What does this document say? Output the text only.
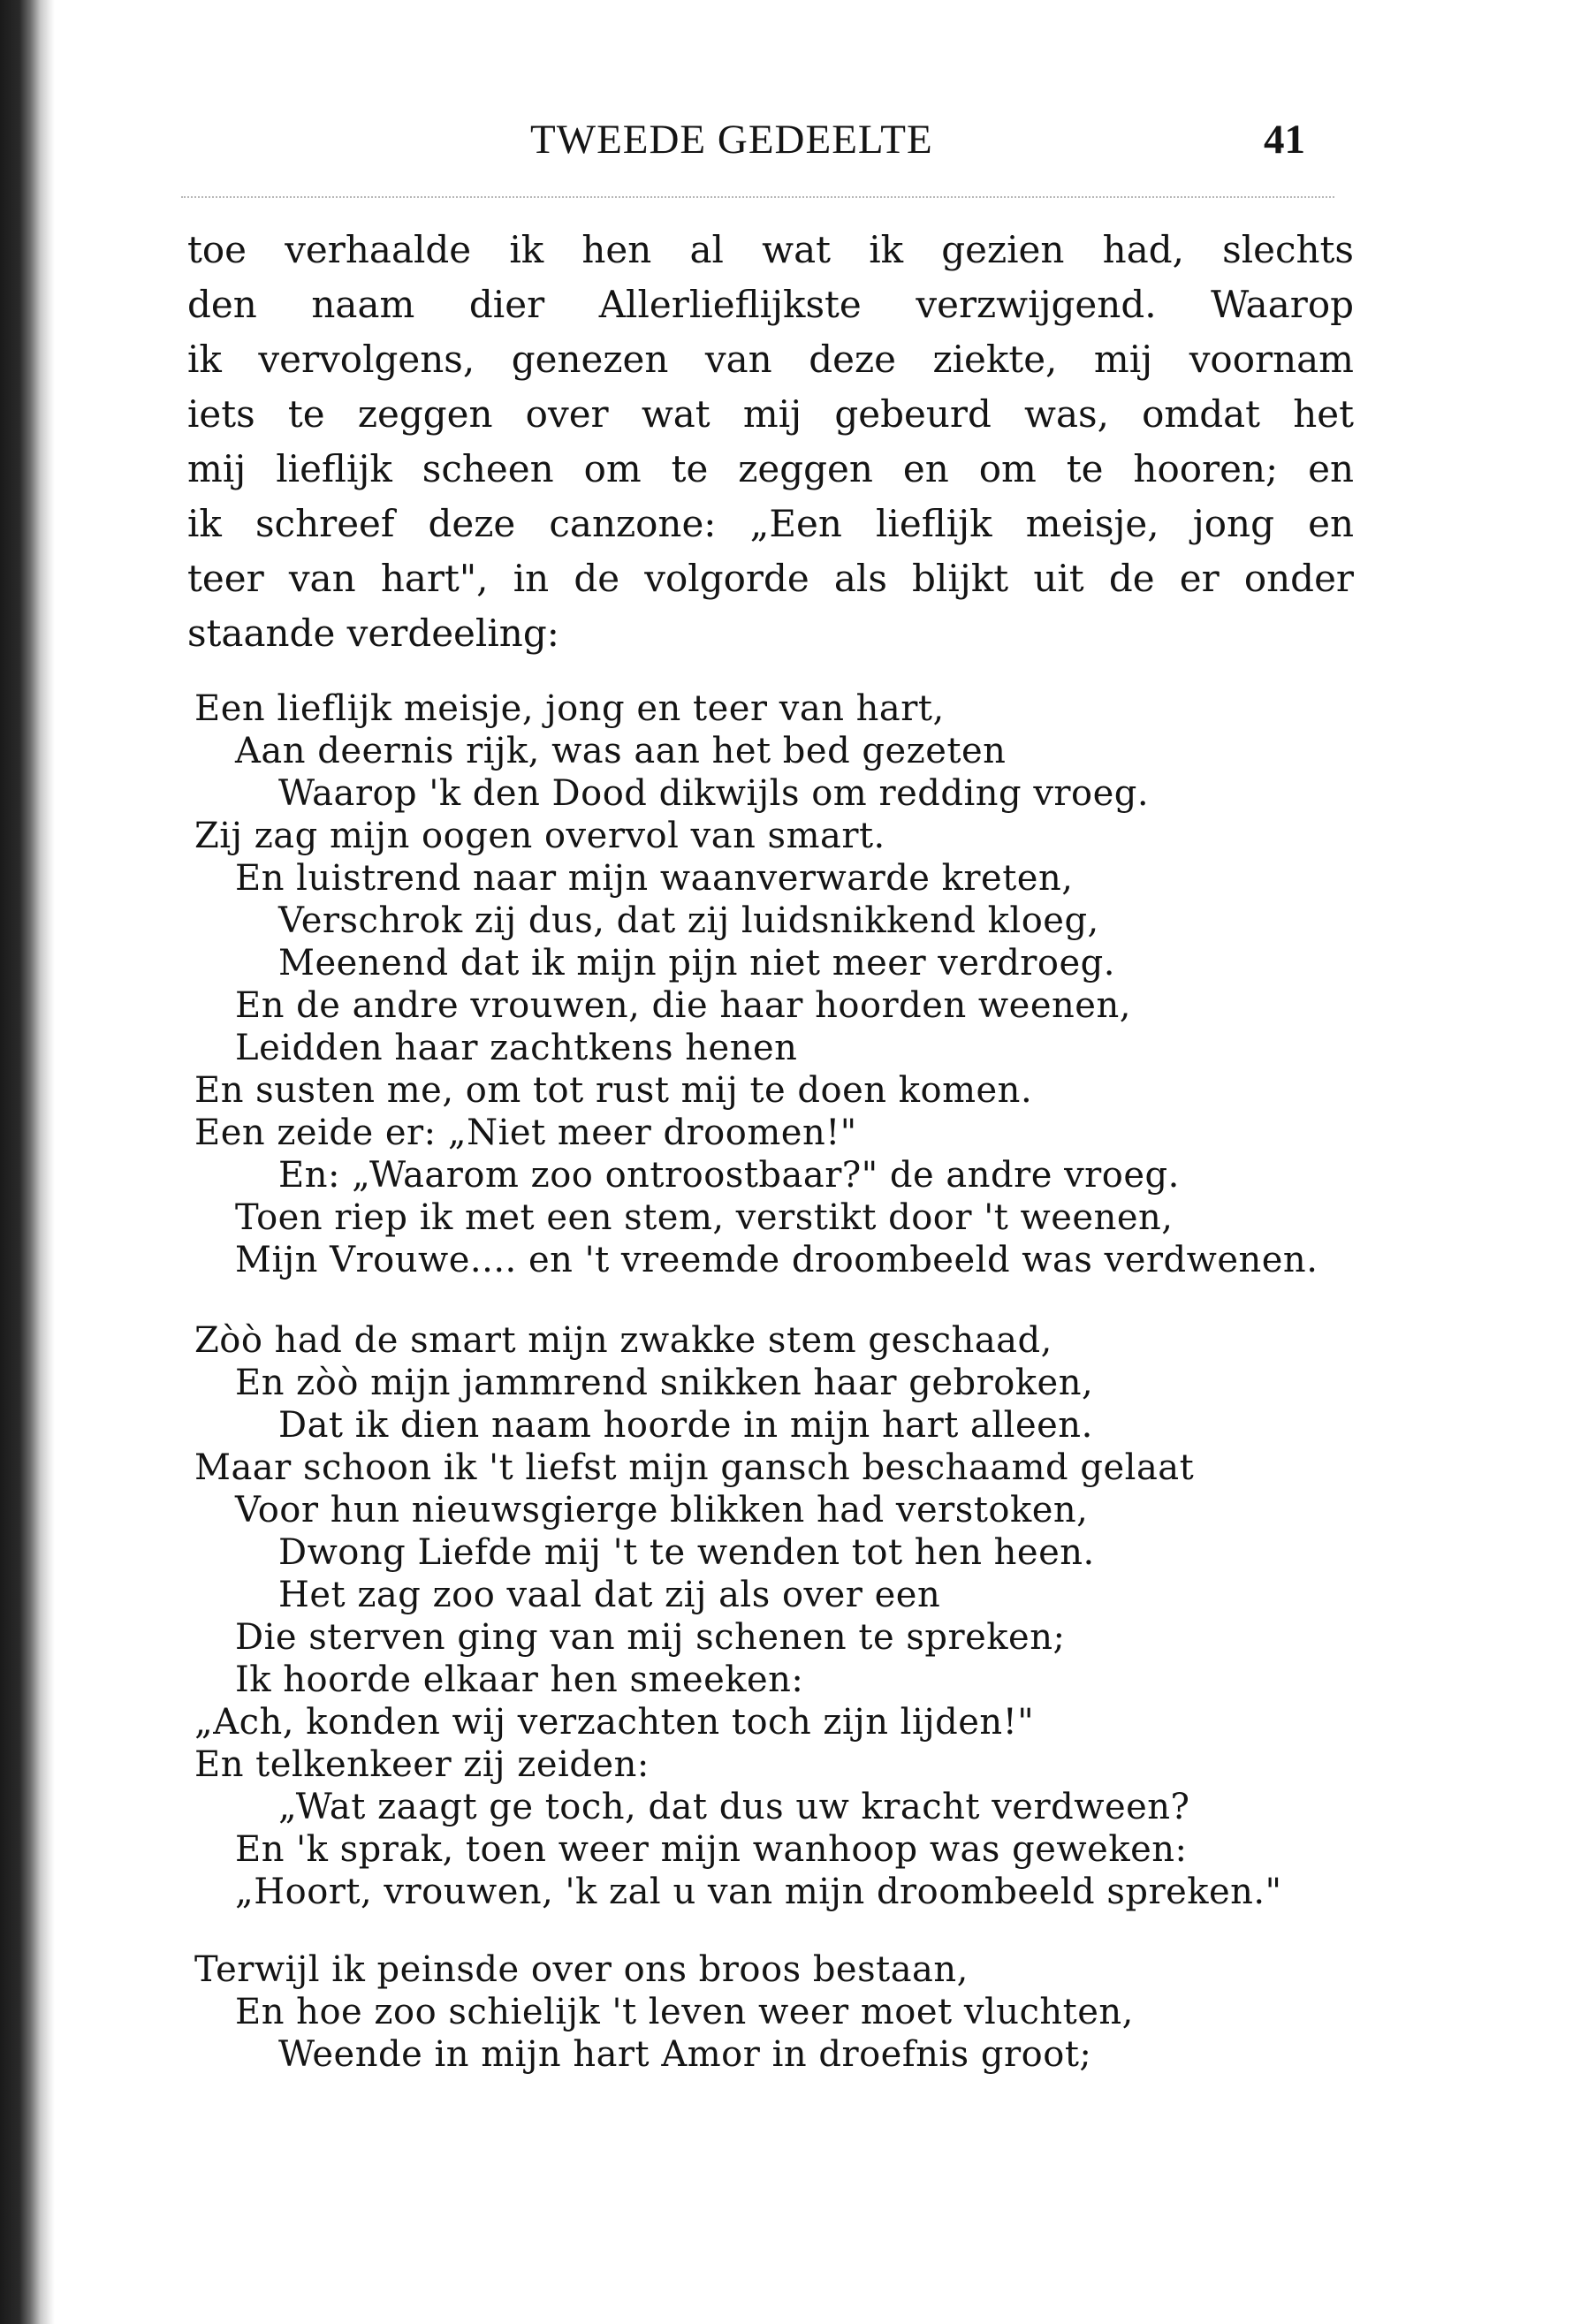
TWEEDE GEDEELTE	41
toe verhaalde ik hen al wat ik gezien had, slechts
den naam dier Allerlieflijkste verzwijgend. Waarop
ik vervolgens, genezen van deze ziekte, mij voornam
iets te zeggen over wat mij gebeurd was, omdat het
mij lieflijk scheen om te zeggen en om te hooren; en
ik schreef deze canzone: „Een lieflijk meisje, jong en
teer van hart", in de volgorde als blijkt uit de er onder
staande verdeeling:
Een lieflijk meisje, jong en teer van hart,
Aan deernis rijk, was aan het bed gezeten
Waarop 'k den Dood dikwijls om redding vroeg.
Zij zag mijn oogen overvol van smart.
En luistrend naar mijn waanverwarde kreten,
Verschrok zij dus, dat zij luidsnikkend kloeg,
Meenend dat ik mijn pijn niet meer verdroeg.
En de andre vrouwen, die haar hoorden weenen,
Leidden haar zachtkens henen
En susten me, om tot rust mij te doen komen.
Een zeide er: „Niet meer droomen!"
En: „Waarom zoo ontroostbaar?" de andre vroeg.
Toen riep ik met een stem, verstikt door 't weenen,
Mijn Vrouwe.... en 't vreemde droombeeld was verdwenen.
Zòò had de smart mijn zwakke stem geschaad,
En zòò mijn jammrend snikken haar gebroken,
Dat ik dien naam hoorde in mijn hart alleen.
Maar schoon ik 't liefst mijn gansch beschaamd gelaat
Voor hun nieuwsgierge blikken had verstoken,
Dwong Liefde mij 't te wenden tot hen heen.
Het zag zoo vaal dat zij als over een
Die sterven ging van mij schenen te spreken;
Ik hoorde elkaar hen smeeken:
„Ach, konden wij verzachten toch zijn lijden!"
En telkenkeer zij zeiden:
„Wat zaagt ge toch, dat dus uw kracht verdween?
En 'k sprak, toen weer mijn wanhoop was geweken:
„Hoort, vrouwen, 'k zal u van mijn droombeeld spreken."
Terwijl ik peinsde over ons broos bestaan,
En hoe zoo schielijk 't leven weer moet vluchten,
Weende in mijn hart Amor in droefnis groot;
